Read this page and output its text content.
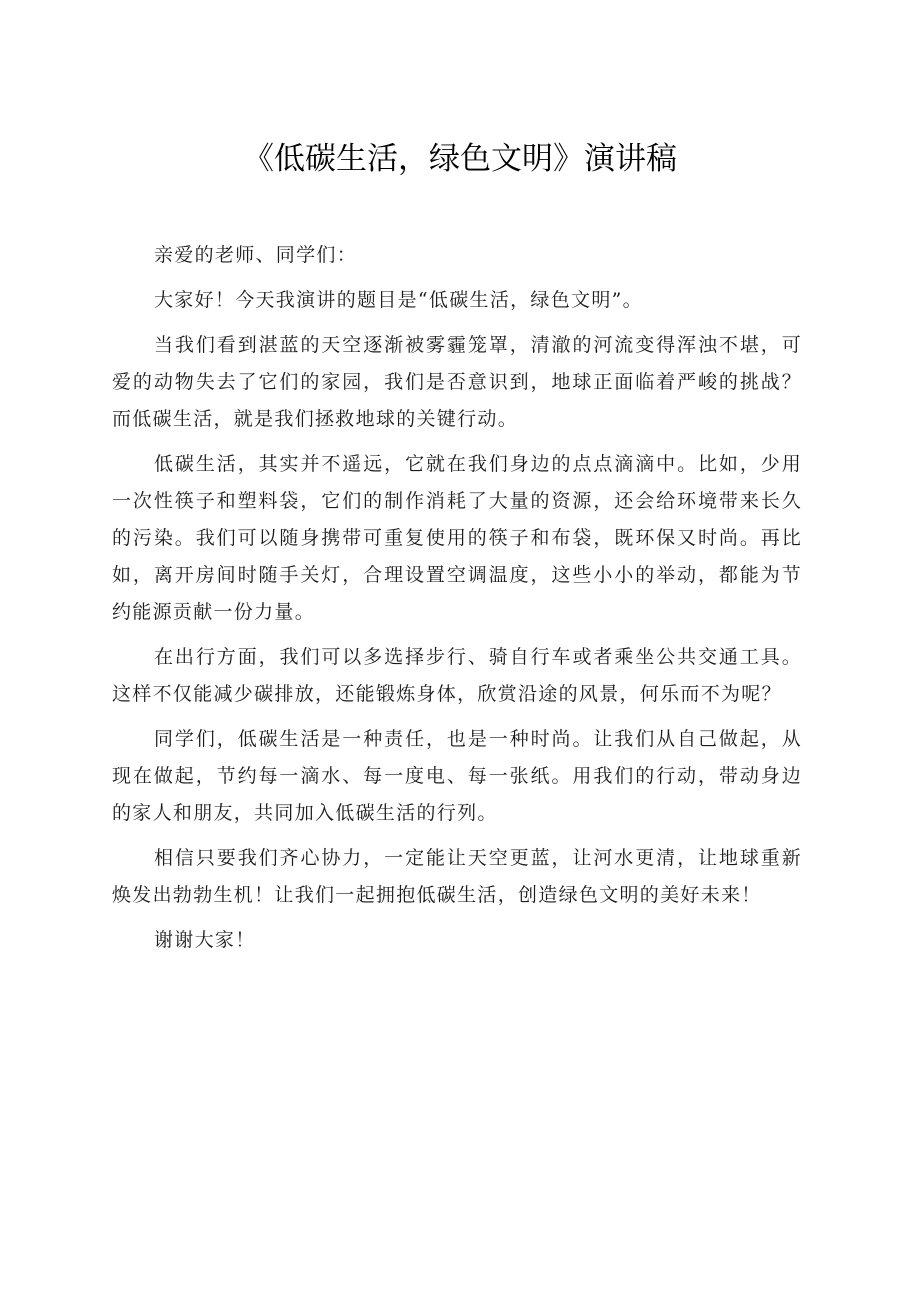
《低碳生活，绿色文明》演讲稿

亲爱的老师、同学们：

大家好！今天我演讲的题目是“低碳生活，绿色文明”。

当我们看到湛蓝的天空逐渐被雾霾笼罩，清澈的河流变得浑浊不堪，可爱的动物失去了它们的家园，我们是否意识到，地球正面临着严峻的挑战？而低碳生活，就是我们拯救地球的关键行动。

低碳生活，其实并不遥远，它就在我们身边的点点滴滴中。比如，少用一次性筷子和塑料袋，它们的制作消耗了大量的资源，还会给环境带来长久的污染。我们可以随身携带可重复使用的筷子和布袋，既环保又时尚。再比如，离开房间时随手关灯，合理设置空调温度，这些小小的举动，都能为节约能源贡献一份力量。

在出行方面，我们可以多选择步行、骑自行车或者乘坐公共交通工具。这样不仅能减少碳排放，还能锻炼身体，欣赏沿途的风景，何乐而不为呢？

同学们，低碳生活是一种责任，也是一种时尚。让我们从自己做起，从现在做起，节约每一滴水、每一度电、每一张纸。用我们的行动，带动身边的家人和朋友，共同加入低碳生活的行列。

相信只要我们齐心协力，一定能让天空更蓝，让河水更清，让地球重新焕发出勃勃生机！让我们一起拥抱低碳生活，创造绿色文明的美好未来！

谢谢大家！
